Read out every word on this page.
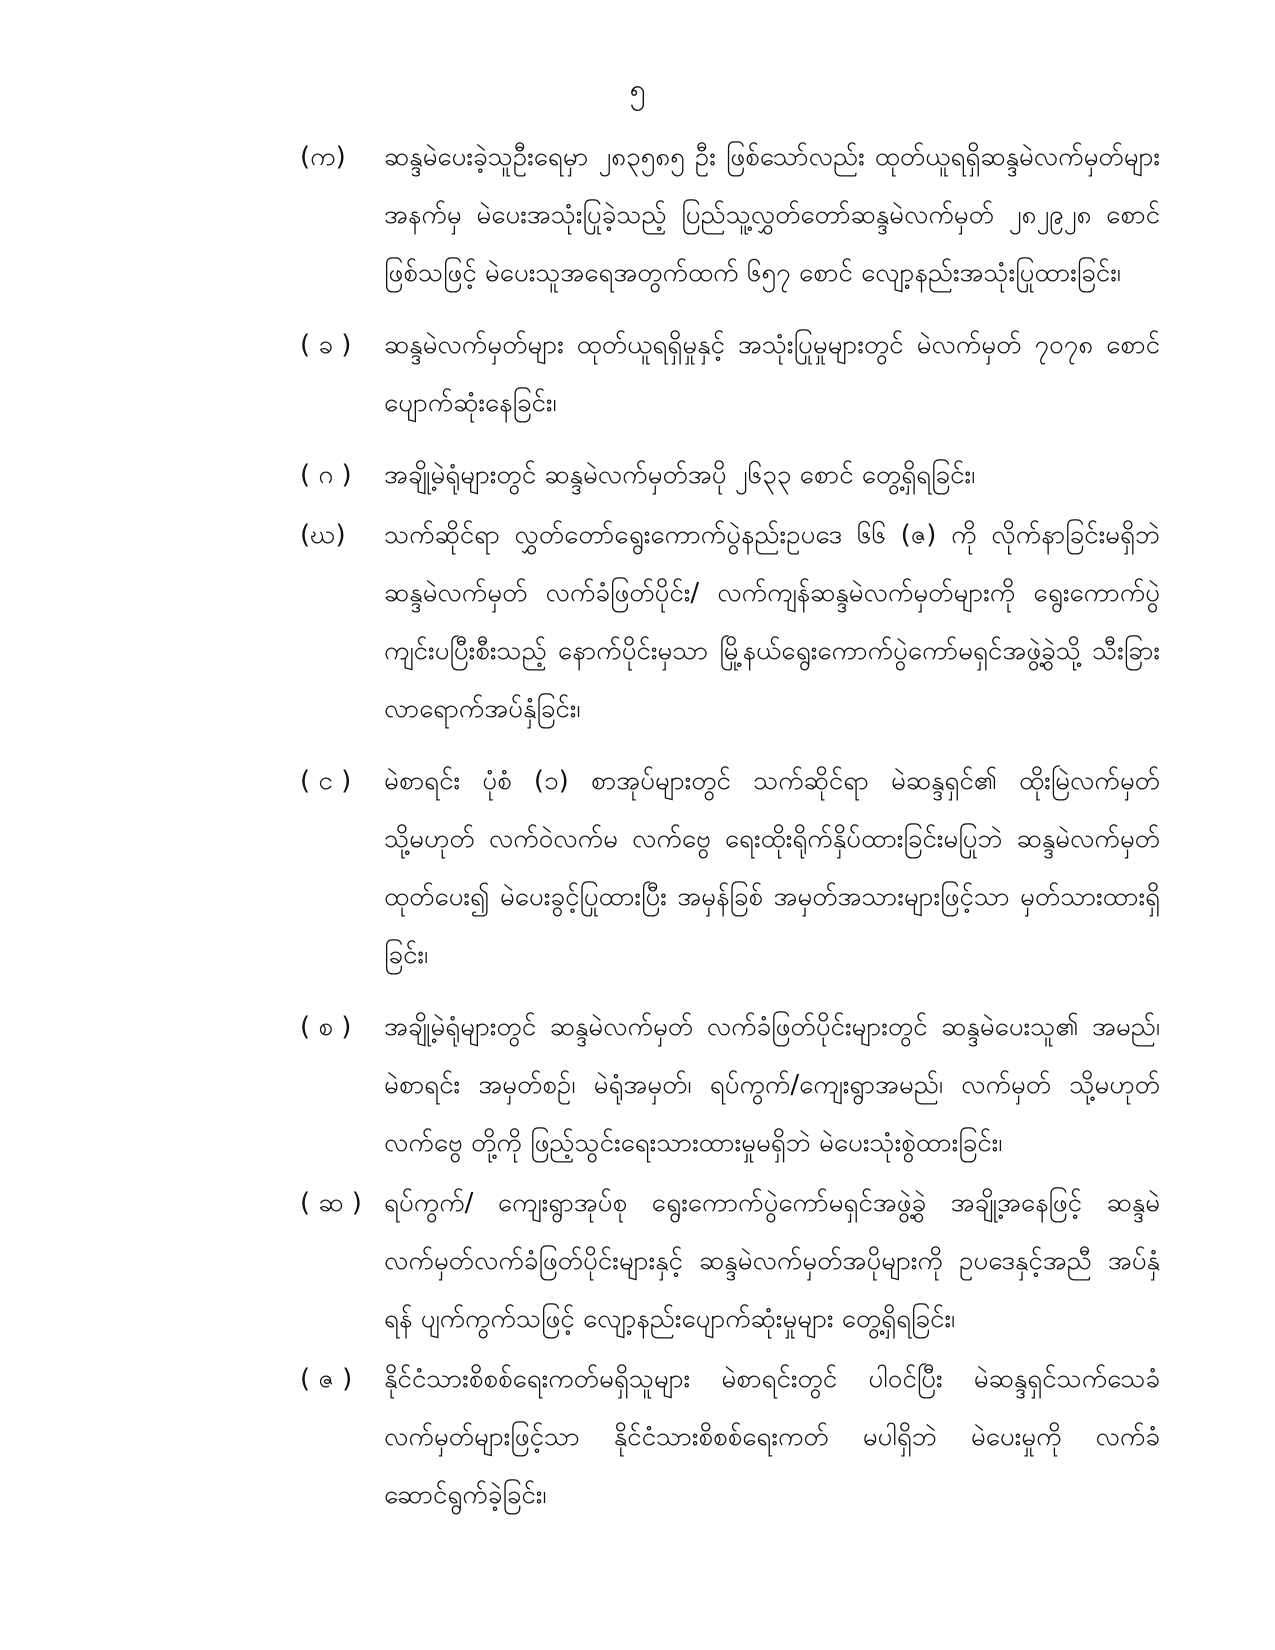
၅
(က)	ဆန္ဒမဲပေးခဲ့သူဦးရေမှာ ၂၈၃၅၈၅ ဦး ဖြစ်သော်လည်း ထုတ်ယူရရှိဆန္ဒမဲလက်မှတ်များအနက်မှ မဲပေးအသုံးပြုခဲ့သည့် ပြည်သူ့လွှတ်တော်ဆန္ဒမဲလက်မှတ် ၂၈၂၉၂၈ စောင် ဖြစ်သဖြင့် မဲပေးသူအရေအတွက်ထက် ၆၅၇ စောင် လျော့နည်းအသုံးပြုထားခြင်း၊
( ခ )	ဆန္ဒမဲလက်မှတ်များ ထုတ်ယူရရှိမှုနှင့် အသုံးပြုမှုများတွင် မဲလက်မှတ် ၇၀၇၈ စောင် ပျောက်ဆုံးနေခြင်း၊
( ဂ )	အချို့မဲရုံများတွင် ဆန္ဒမဲလက်မှတ်အပို ၂၆၃၃ စောင် တွေ့ရှိရခြင်း၊
(ဃ)	သက်ဆိုင်ရာ လွှတ်တော်ရွေးကောက်ပွဲနည်းဥပဒေ ၆၆ (ဇ) ကို လိုက်နာခြင်းမရှိဘဲ ဆန္ဒမဲလက်မှတ် လက်ခံဖြတ်ပိုင်း/ လက်ကျန်ဆန္ဒမဲလက်မှတ်များကို ရွေးကောက်ပွဲကျင်းပပြီးစီးသည့် နောက်ပိုင်းမှသာ မြို့နယ်ရွေးကောက်ပွဲကော်မရှင်အဖွဲ့ခွဲသို့ သီးခြားလာရောက်အပ်နှံခြင်း၊
( င )	မဲစာရင်း ပုံစံ (၁) စာအုပ်များတွင် သက်ဆိုင်ရာ မဲဆန္ဒရှင်၏ ထိုးမြဲလက်မှတ် သို့မဟုတ် လက်ဝဲလက်မ လက်ဗွေ ရေးထိုးရိုက်နှိပ်ထားခြင်းမပြုဘဲ ဆန္ဒမဲလက်မှတ်ထုတ်ပေး၍ မဲပေးခွင့်ပြုထားပြီး အမှန်ခြစ် အမှတ်အသားများဖြင့်သာ မှတ်သားထားရှိခြင်း၊
( စ )	အချို့မဲရုံများတွင် ဆန္ဒမဲလက်မှတ် လက်ခံဖြတ်ပိုင်းများတွင် ဆန္ဒမဲပေးသူ၏ အမည်၊ မဲစာရင်း အမှတ်စဉ်၊ မဲရုံအမှတ်၊ ရပ်ကွက်/ကျေးရွာအမည်၊ လက်မှတ် သို့မဟုတ် လက်ဗွေ တို့ကို ဖြည့်သွင်းရေးသားထားမှုမရှိဘဲ မဲပေးသုံးစွဲထားခြင်း၊
( ဆ ) ရပ်ကွက်/ ကျေးရွာအုပ်စု ရွေးကောက်ပွဲကော်မရှင်အဖွဲ့ခွဲ အချို့အနေဖြင့် ဆန္ဒမဲလက်မှတ်လက်ခံဖြတ်ပိုင်းများနှင့် ဆန္ဒမဲလက်မှတ်အပိုများကို ဥပဒေနှင့်အညီ အပ်နှံရန် ပျက်ကွက်သဖြင့် လျော့နည်းပျောက်ဆုံးမှုများ တွေ့ရှိရခြင်း၊
( ဇ )	နိုင်ငံသားစိစစ်ရေးကတ်မရှိသူများ မဲစာရင်းတွင် ပါဝင်ပြီး မဲဆန္ဒရှင်သက်သေခံ လက်မှတ်များဖြင့်သာ နိုင်ငံသားစိစစ်ရေးကတ် မပါရှိဘဲ မဲပေးမှုကို လက်ခံဆောင်ရွက်ခဲ့ခြင်း၊
